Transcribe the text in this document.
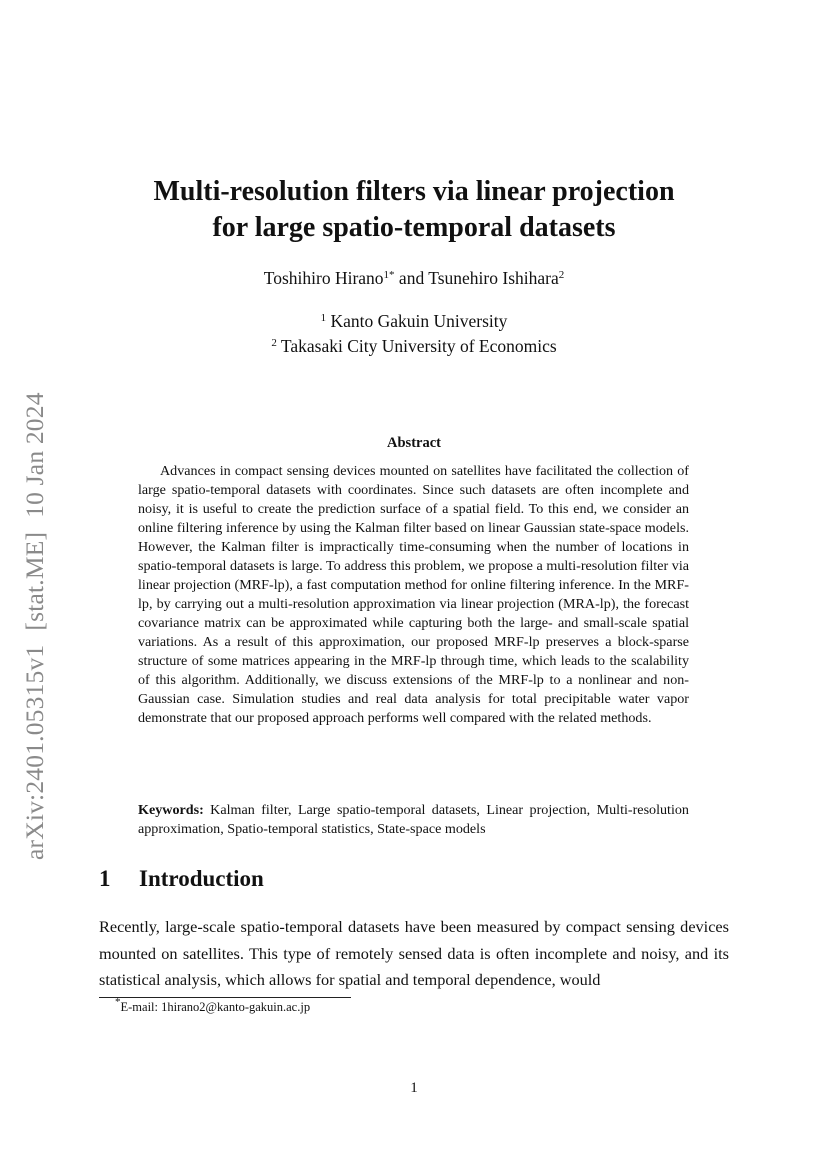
arXiv:2401.05315v1[stat.ME]10 Jan 2024
Multi-resolution filters via linear projection
for large spatio-temporal datasets
Toshihiro Hirano$^{1*}$ and Tsunehiro Ishihara$^2$
$^1$ Kanto Gakuin University
$^2$ Takasaki City University of Economics
Abstract

Advances in compact sensing devices mounted on satellites have facilitated the collection of large spatio-temporal datasets with coordinates. Since such datasets are often incomplete and noisy, it is useful to create the prediction surface of a spatial field. To this end, we consider an online filtering inference by using the Kalman filter based on linear Gaussian state-space models. However, the Kalman filter is impractically time-consuming when the number of locations in spatio-temporal datasets is large. To address this problem, we propose a multi-resolution filter via linear projection (MRF-lp), a fast computation method for online filtering inference. In the MRF-lp, by carrying out a multi-resolution approximation via linear projection (MRA-lp), the forecast covariance matrix can be approximated while capturing both the large- and small-scale spatial variations. As a result of this approximation, our proposed MRF-lp preserves a block-sparse structure of some matrices appearing in the MRF-lp through time, which leads to the scalability of this algorithm. Additionally, we discuss extensions of the MRF-lp to a nonlinear and non-Gaussian case. Simulation studies and real data analysis for total precipitable water vapor demonstrate that our proposed approach performs well compared with the related methods.

Keywords: Kalman filter, Large spatio-temporal datasets, Linear projection, Multi-resolution approximation, Spatio-temporal statistics, State-space models

1 Introduction

Recently, large-scale spatio-temporal datasets have been measured by compact sensing devices mounted on satellites. This type of remotely sensed data is often incomplete and noisy, and its statistical analysis, which allows for spatial and temporal dependence, would

*E-mail: 1hirano2@kanto-gakuin.ac.jp
1
